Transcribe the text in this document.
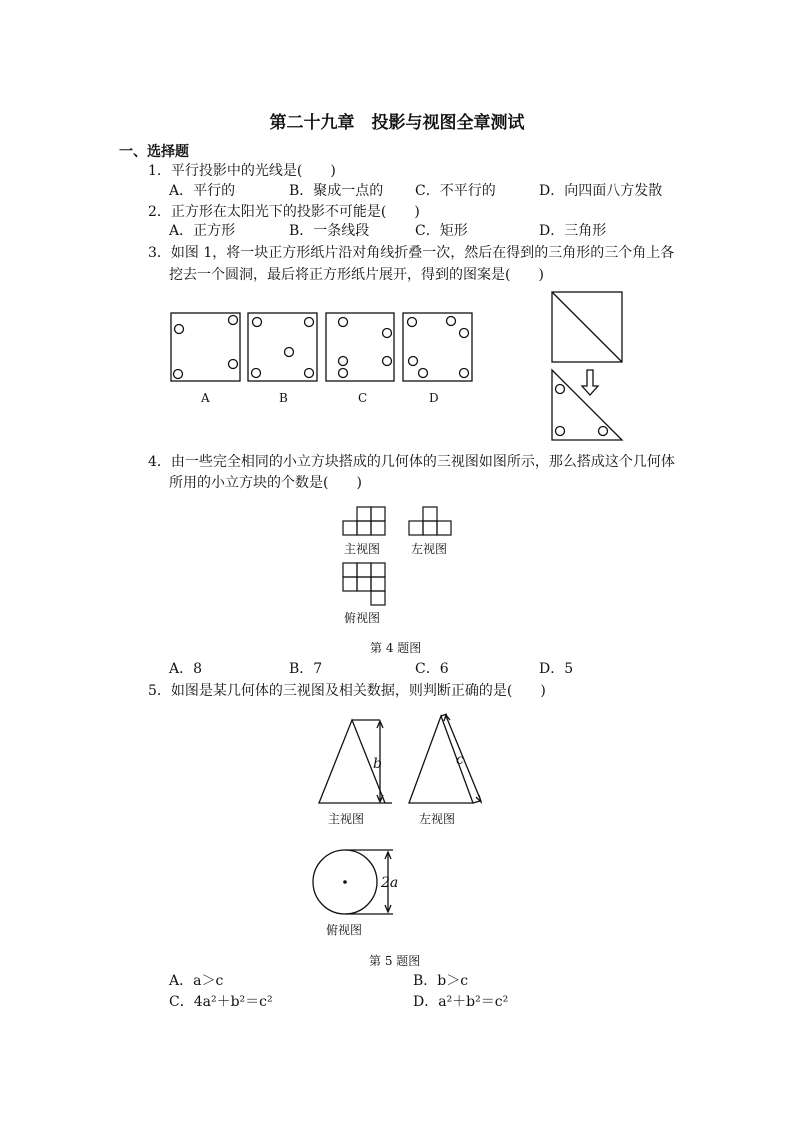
第二十九章　投影与视图全章测试
一、选择题
1．平行投影中的光线是(　　)
A．平行的	B．聚成一点的 C．不平行的	D．向四面八方发散
2．正方形在太阳光下的投影不可能是(　　)
A．正方形	B．一条线段	C．矩形	D．三角形
3．如图 1，将一块正方形纸片沿对角线折叠一次，然后在得到的三角形的三个角上各
挖去一个圆洞，最后将正方形纸片展开，得到的图案是(　　)
A	B	C	D
4．由一些完全相同的小立方块搭成的几何体的三视图如图所示，那么搭成这个几何体
所用的小立方块的个数是(　　)
主视图	左视图
俯视图
第 4 题图
A．8	B．7	C．6	D．5
5．如图是某几何体的三视图及相关数据，则判断正确的是(　　)
b	c
2a
主视图	左视图
俯视图
第 5 题图
A．a＞c	B．b＞c
C．4a²＋b²＝c²	D．a²＋b²＝c²
